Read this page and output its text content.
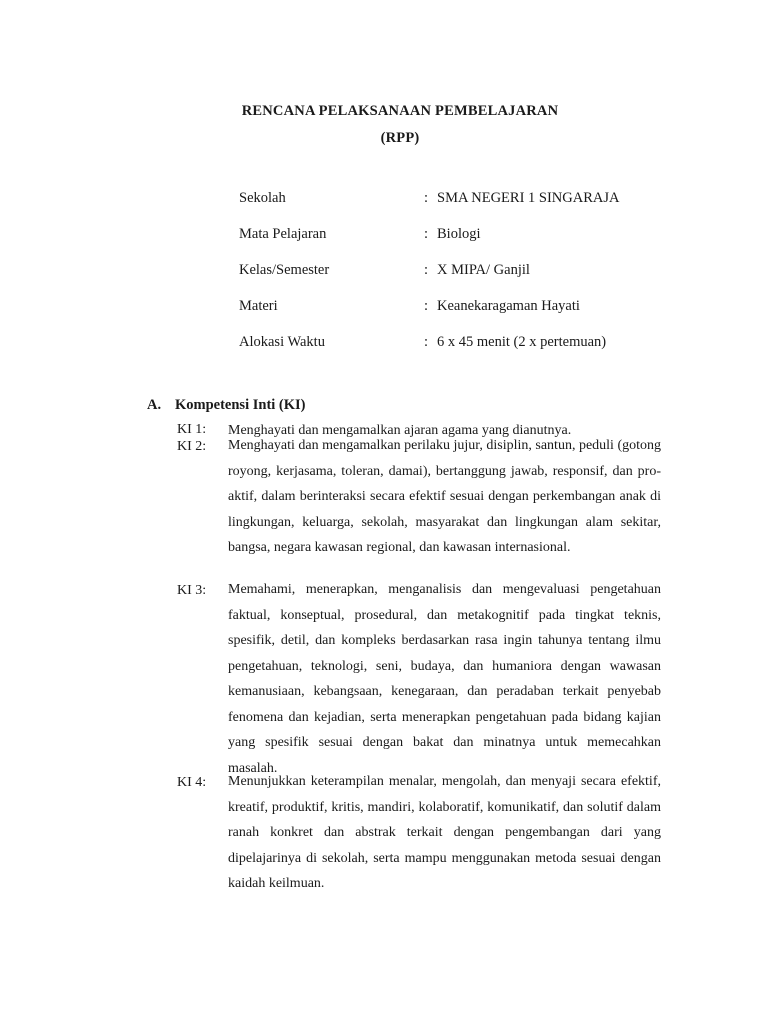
RENCANA PELAKSANAAN PEMBELAJARAN
(RPP)
Sekolah	: SMA NEGERI 1 SINGARAJA
Mata Pelajaran	: Biologi
Kelas/Semester	: X MIPA/ Ganjil
Materi	: Keanekaragaman Hayati
Alokasi Waktu	: 6 x 45 menit (2 x pertemuan)
A. Kompetensi Inti (KI)
KI 1:	Menghayati dan mengamalkan ajaran agama yang dianutnya.
KI 2:	Menghayati dan mengamalkan perilaku jujur, disiplin, santun, peduli (gotong royong, kerjasama, toleran, damai), bertanggung jawab, responsif, dan pro-aktif, dalam berinteraksi secara efektif sesuai dengan perkembangan anak di lingkungan, keluarga, sekolah, masyarakat dan lingkungan alam sekitar, bangsa, negara kawasan regional, dan kawasan internasional.
KI 3:	Memahami, menerapkan, menganalisis dan mengevaluasi pengetahuan faktual, konseptual, prosedural, dan metakognitif pada tingkat teknis, spesifik, detil, dan kompleks berdasarkan rasa ingin tahunya tentang ilmu pengetahuan, teknologi, seni, budaya, dan humaniora dengan wawasan kemanusiaan, kebangsaan, kenegaraan, dan peradaban terkait penyebab fenomena dan kejadian, serta menerapkan pengetahuan pada bidang kajian yang spesifik sesuai dengan bakat dan minatnya untuk memecahkan masalah.
KI 4:	Menunjukkan keterampilan menalar, mengolah, dan menyaji secara efektif, kreatif, produktif, kritis, mandiri, kolaboratif, komunikatif, dan solutif dalam ranah konkret dan abstrak terkait dengan pengembangan dari yang dipelajarinya di sekolah, serta mampu menggunakan metoda sesuai dengan kaidah keilmuan.
